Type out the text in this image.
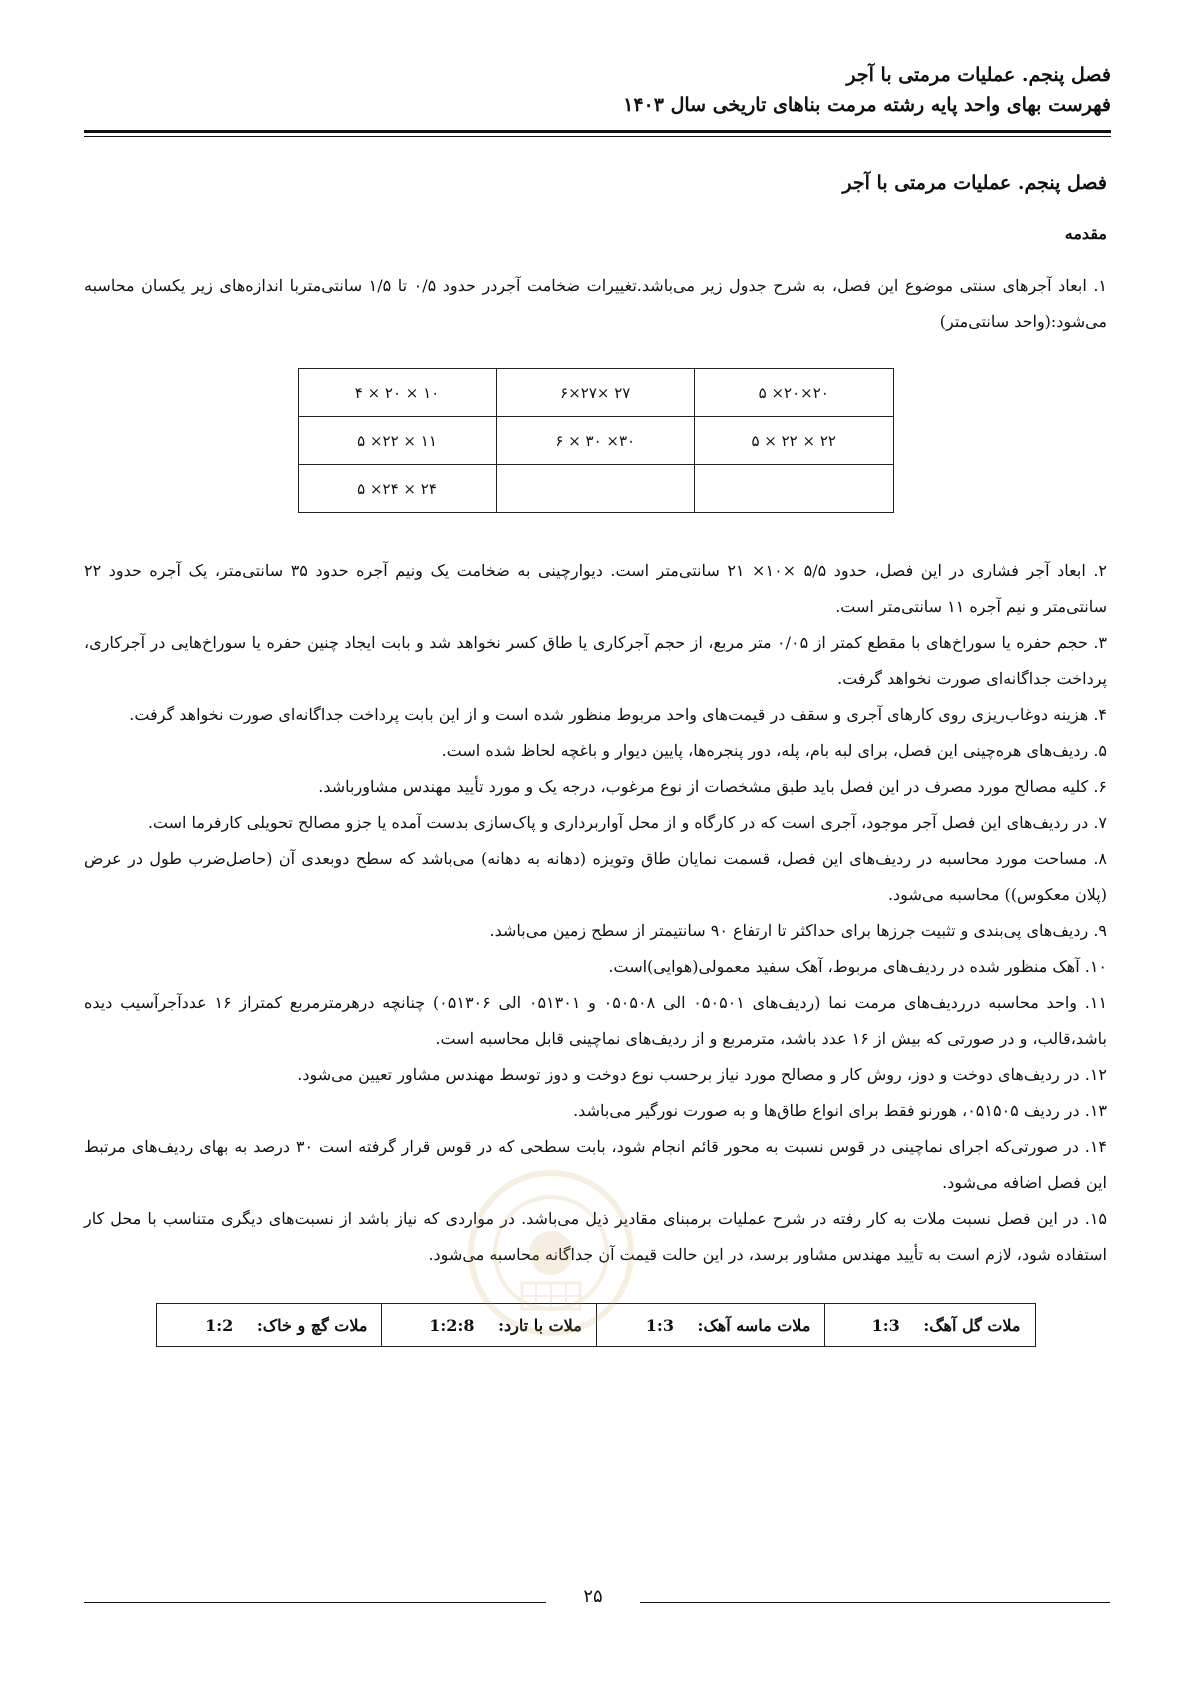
فصل پنجم. عملیات مرمتی با آجر
فهرست بهای واحد پایه رشته مرمت بناهای تاریخی سال ۱۴۰۳
فصل پنجم. عملیات مرمتی با آجر
مقدمه

۱. ابعاد آجرهای سنتی موضوع این فصل، به شرح جدول زیر می‌باشد.تغییرات ضخامت آجردر حدود ۰/۵ تا ۱/۵ سانتی‌متربا اندازه‌های زیر یکسان محاسبه می‌شود:(واحد سانتی‌متر)

۵ ×۲۰×۲۰	۶×۲۷× ۲۷	۴ × ۲۰ × ۱۰
۵ × ۲۲ × ۲۲	۶ × ۳۰ ×۳۰	۵ ×۲۲ × ۱۱
		۵ ×۲۴ × ۲۴

۲. ابعاد آجر فشاری در این فصل، حدود ۵/۵ ×۱۰× ۲۱ سانتی‌متر است. دیوارچینی به ضخامت یک ونیم آجره حدود ۳۵ سانتی‌متر، یک آجره حدود ۲۲ سانتی‌متر و نیم آجره ۱۱ سانتی‌متر است.

۳. حجم حفره یا سوراخ‌های با مقطع کمتر از ۰/۰۵ متر مربع، از حجم آجرکاری یا طاق کسر نخواهد شد و بابت ایجاد چنین حفره یا سوراخ‌هایی در آجرکاری، پرداخت جداگانه‌ای صورت نخواهد گرفت.

۴. هزینه دوغاب‌ریزی روی کارهای آجری و سقف در قیمت‌های واحد مربوط منظور شده است و از این بابت پرداخت جداگانه‌ای صورت نخواهد گرفت.

۵. ردیف‌های هره‌چینی این فصل، برای لبه بام، پله، دور پنجره‌ها، پایین دیوار و باغچه لحاظ شده است.

۶. کلیه مصالح مورد مصرف در این فصل باید طبق مشخصات از نوع مرغوب، درجه یک و مورد تأیید مهندس مشاورباشد.

۷. در ردیف‌های این فصل آجر موجود، آجری است که در کارگاه و از محل آواربرداری و پاک‌سازی بدست آمده یا جزو مصالح تحویلی کارفرما است.

۸. مساحت مورد محاسبه در ردیف‌های این فصل، قسمت نمایان طاق وتویزه (دهانه به دهانه) می‌باشد که سطح دوبعدی آن (حاصل‌ضرب طول در عرض (پلان معکوس)) محاسبه می‌شود.

۹. ردیف‌های پی‌بندی و تثبیت جرزها برای حداکثر تا ارتفاع ۹۰ سانتیمتر از سطح زمین می‌باشد.

۱۰. آهک منظور شده در ردیف‌های مربوط، آهک سفید معمولی(هوایی)است.

۱۱. واحد محاسبه درردیف‌های مرمت نما (ردیف‌های ۰۵۰۵۰۱ الی ۰۵۰۵۰۸ و ۰۵۱۳۰۱ الی ۰۵۱۳۰۶) چنانچه درهرمترمربع کمتراز ۱۶ عددآجرآسیب دیده باشد،قالب، و در صورتی که بیش از ۱۶ عدد باشد، مترمربع و از ردیف‌های نماچینی قابل محاسبه است.

۱۲. در ردیف‌های دوخت و دوز، روش کار و مصالح مورد نیاز برحسب نوع دوخت و دوز توسط مهندس مشاور تعیین می‌شود.

۱۳. در ردیف ۰۵۱۵۰۵، هورنو فقط برای انواع طاق‌ها و به صورت نورگیر می‌باشد.

۱۴. در صورتی‌که اجرای نماچینی در قوس نسبت به محور قائم انجام شود، بابت سطحی که در قوس قرار گرفته است ۳۰ درصد به بهای ردیف‌های مرتبط این فصل اضافه می‌شود.

۱۵. در این فصل نسبت ملات به کار رفته در شرح عملیات برمبنای مقادیر ذیل می‌باشد. در مواردی که نیاز باشد از نسبت‌های دیگری متناسب با محل کار استفاده شود، لازم است به تأیید مهندس مشاور برسد، در این حالت قیمت آن جداگانه محاسبه می‌شود.

ملات گل آهگ: 1:3	ملات ماسه آهک: 1:3	ملات با تارد: 1:2:8	ملات گچ و خاک: 1:2
۲۵
